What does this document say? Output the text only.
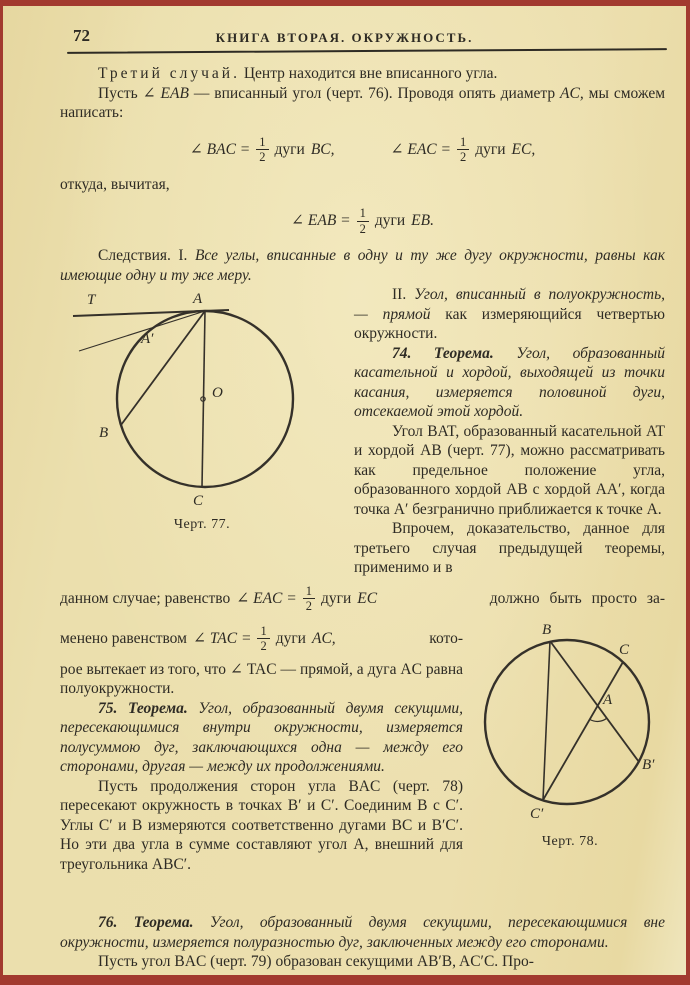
72	КНИГА ВТОРАЯ. ОКРУЖНОСТЬ.

Третий случай. Центр находится вне вписанного угла.

Пусть ∠ EAB — вписанный угол (черт. 76). Проводя опять диаметр AC, мы сможем написать:

∠ BAC = $\frac{1}{2}$ дуги BC,	∠ EAC = $\frac{1}{2}$ дуги EC,

откуда, вычитая,

∠ EAB = $\frac{1}{2}$ дуги EB.

Следствия. I. Все углы, вписанные в одну и ту же дугу окружности, равны как имеющие одну и ту же меру.

T	A
A′
B
O
C
Черт. 77.

II. Угол, вписанный в полуокружность, — прямой как измеряющийся четвертью окружности.

74. Теорема. Угол, образованный касательной и хордой, выходящей из точки касания, измеряется половиной дуги, отсекаемой этой хордой.

Угол BAT, образованный касательной AT и хордой AB (черт. 77), можно рассматривать как предельное положение угла, образованного хордой AB с хордой AA′, когда точка A′ безгранично приближается к точке A.

Впрочем, доказательство, данное для третьего случая предыдущей теоремы, применимо и в

данном случае; равенство ∠ EAC = $\frac{1}{2}$ дуги EC	должно быть просто за-
B
C
A
B′
C′
Черт. 78.
менено равенством ∠ TAC = $\frac{1}{2}$ дуги AC,	кото-

рое вытекает из того, что ∠ TAC — прямой, а дуга AC равна полуокружности.

75. Теорема. Угол, образованный двумя секущими, пересекающимися внутри окружности, измеряется полусуммою дуг, заключающихся одна — между его сторонами, другая — между их продолжениями.

Пусть продолжения сторон угла BAC (черт. 78) пересекают окружность в точках B′ и C′. Соединим B с C′. Углы C′ и B измеряются соответственно дугами BC и B′C′. Но эти два угла в сумме составляют угол A, внешний для треугольника ABC′.

76. Теорема. Угол, образованный двумя секущими, пересекающимися вне окружности, измеряется полуразностью дуг, заключенных между его сторонами.

Пусть угол BAC (черт. 79) образован секущими AB′B, AC′C. Про-
